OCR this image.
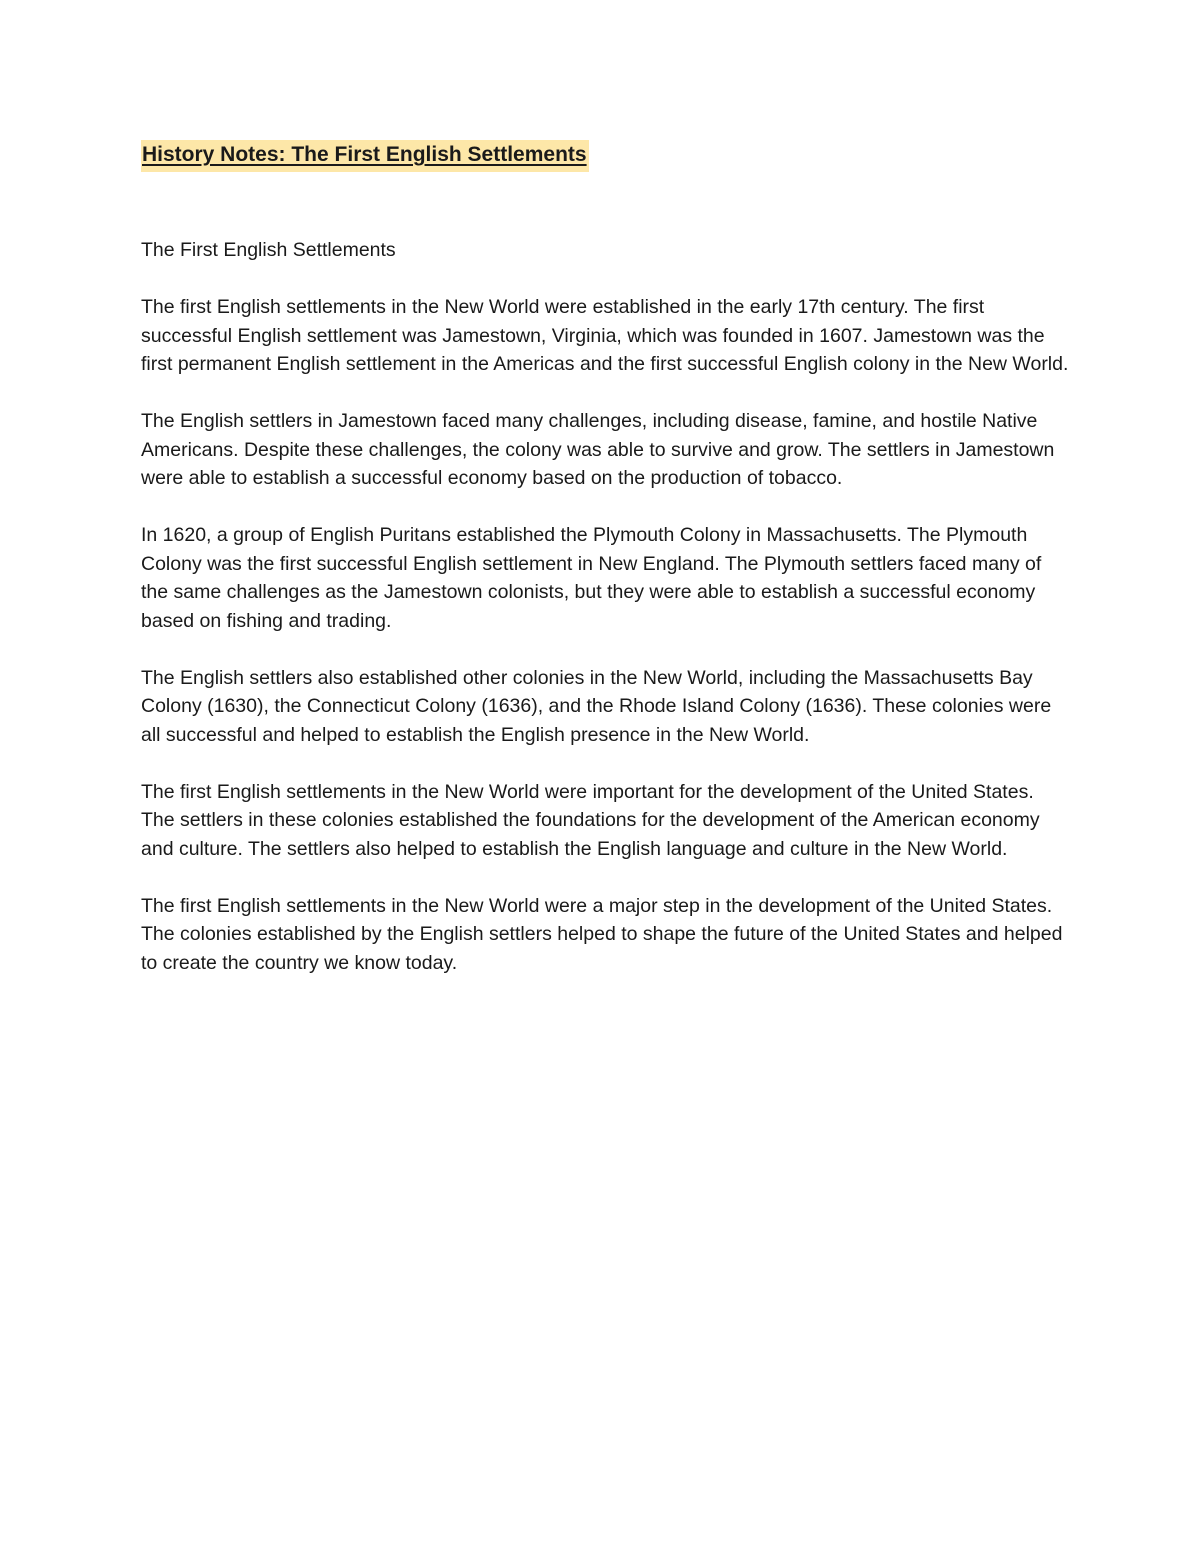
History Notes: The First English Settlements

The First English Settlements

The first English settlements in the New World were established in the early 17th century. The first successful English settlement was Jamestown, Virginia, which was founded in 1607. Jamestown was the first permanent English settlement in the Americas and the first successful English colony in the New World.

The English settlers in Jamestown faced many challenges, including disease, famine, and hostile Native Americans. Despite these challenges, the colony was able to survive and grow. The settlers in Jamestown were able to establish a successful economy based on the production of tobacco.

In 1620, a group of English Puritans established the Plymouth Colony in Massachusetts. The Plymouth Colony was the first successful English settlement in New England. The Plymouth settlers faced many of the same challenges as the Jamestown colonists, but they were able to establish a successful economy based on fishing and trading.

The English settlers also established other colonies in the New World, including the Massachusetts Bay Colony (1630), the Connecticut Colony (1636), and the Rhode Island Colony (1636). These colonies were all successful and helped to establish the English presence in the New World.

The first English settlements in the New World were important for the development of the United States. The settlers in these colonies established the foundations for the development of the American economy and culture. The settlers also helped to establish the English language and culture in the New World.

The first English settlements in the New World were a major step in the development of the United States. The colonies established by the English settlers helped to shape the future of the United States and helped to create the country we know today.
